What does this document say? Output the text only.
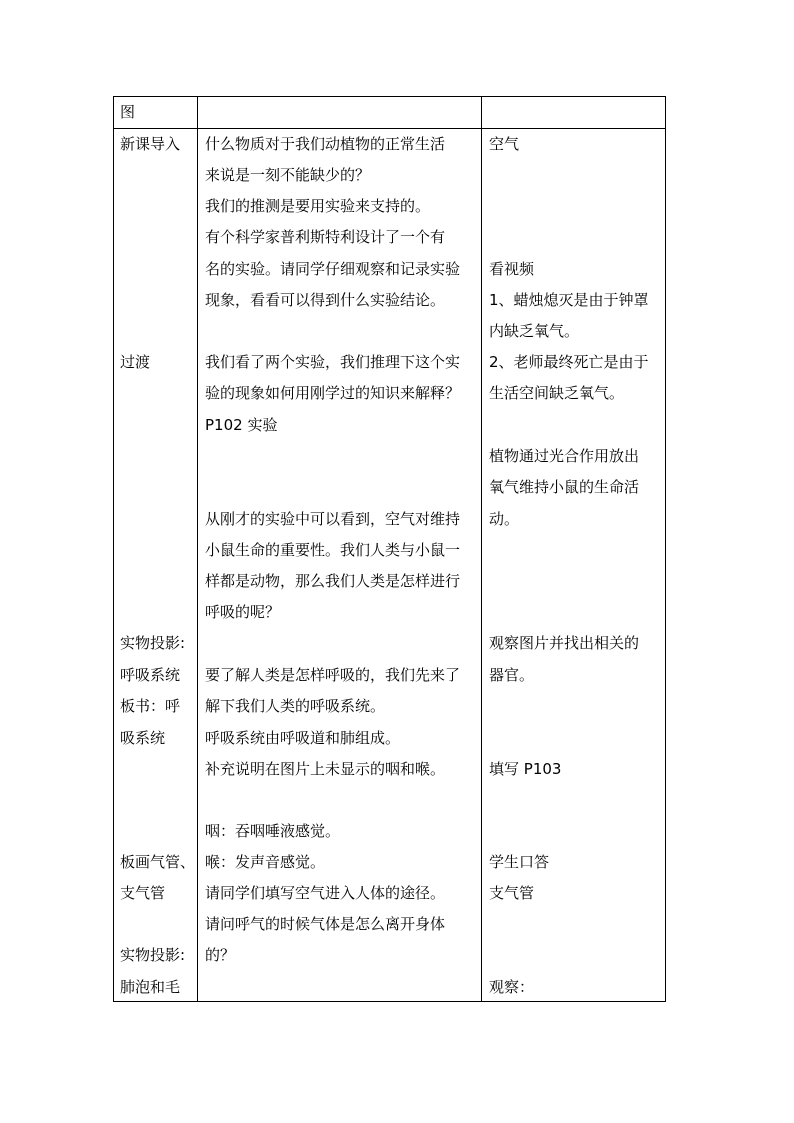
图
新课导入
过渡
实物投影:
呼吸系统
板书：呼
吸系统
板画气管、
支气管
实物投影:
肺泡和毛
什么物质对于我们动植物的正常生活
来说是一刻不能缺少的？
我们的推测是要用实验来支持的。
有个科学家普利斯特利设计了一个有
名的实验。请同学仔细观察和记录实验
现象，看看可以得到什么实验结论。
我们看了两个实验，我们推理下这个实
验的现象如何用刚学过的知识来解释？
P102 实验
从刚才的实验中可以看到，空气对维持
小鼠生命的重要性。我们人类与小鼠一
样都是动物，那么我们人类是怎样进行
呼吸的呢？
要了解人类是怎样呼吸的，我们先来了
解下我们人类的呼吸系统。
呼吸系统由呼吸道和肺组成。
补充说明在图片上未显示的咽和喉。
咽：吞咽唾液感觉。
喉：发声音感觉。
请同学们填写空气进入人体的途径。
请问呼气的时候气体是怎么离开身体
的？
空气
看视频
1、蜡烛熄灭是由于钟罩
内缺乏氧气。
2、老师最终死亡是由于
生活空间缺乏氧气。
植物通过光合作用放出
氧气维持小鼠的生命活
动。
观察图片并找出相关的
器官。
填写 P103
学生口答
支气管
观察：
